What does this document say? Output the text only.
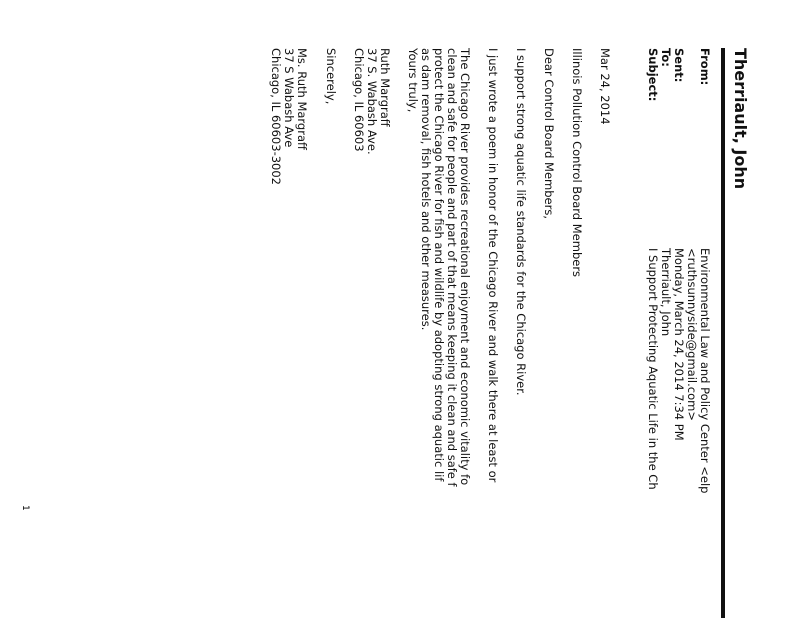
Therriault, John
From:
Environmental Law and Policy Center <elp
<ruthsunnyside@gmail.com>
Sent:
Monday, March 24, 2014 7:34 PM
To:
Therriault, John
Subject:
I Support Protecting Aquatic Life in the Ch
Mar 24, 2014
Illinois Pollution Control Board Members
Dear Control Board Members,
I support strong aquatic life standards for the Chicago River.
I just wrote a poem in honor of the Chicago River and walk there at least or
The Chicago River provides recreational enjoyment and economic vitality fo
clean and safe for people and part of that means keeping it clean and safe f
protect the Chicago River for fish and wildlife by adopting strong aquatic lif
as dam removal, fish hotels and other measures.
Yours truly,
Ruth Margraff
37 S. Wabash Ave.
Chicago, IL 60603
Sincerely,
Ms. Ruth Margraff
37 S Wabash Ave
Chicago, IL 60603-3002
1
